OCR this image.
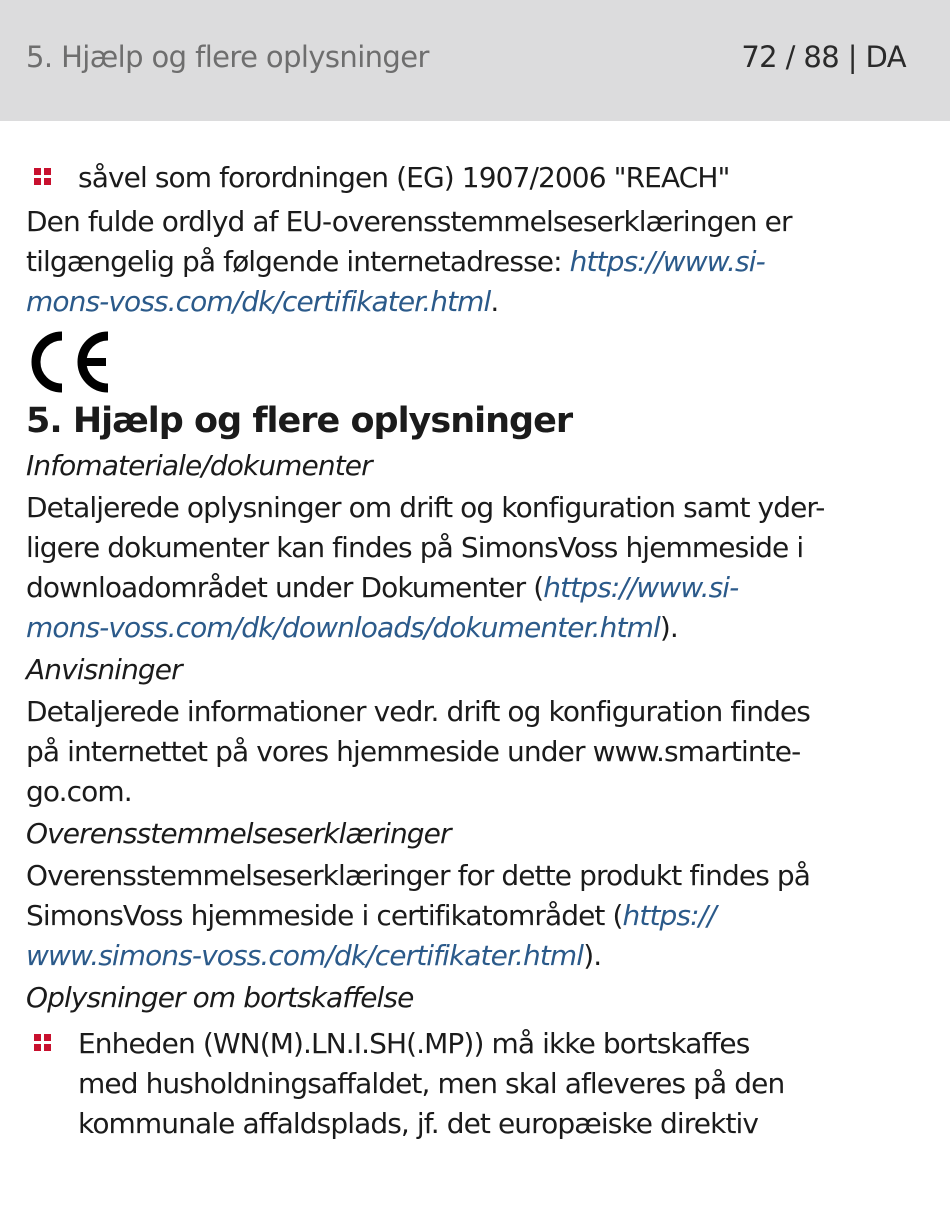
5. Hjælp og flere oplysninger	72 / 88 | DA
såvel som forordningen (EG) 1907/2006 "REACH"

Den fulde ordlyd af EU-overensstemmelseserklæringen er

tilgængelig på følgende internetadresse: https://www.si-

mons-voss.com/dk/certifikater.html.

5. Hjælp og flere oplysninger

Infomateriale/dokumenter

Detaljerede oplysninger om drift og konfiguration samt yder-

ligere dokumenter kan findes på SimonsVoss hjemmeside i

downloadområdet under Dokumenter (https://www.si-

mons-voss.com/dk/downloads/dokumenter.html).

Anvisninger

Detaljerede informationer vedr. drift og konfiguration findes

på internettet på vores hjemmeside under www.smartinte-

go.com.

Overensstemmelseserklæringer

Overensstemmelseserklæringer for dette produkt findes på

SimonsVoss hjemmeside i certifikatområdet (https://

www.simons-voss.com/dk/certifikater.html).

Oplysninger om bortskaffelse

Enheden (WN(M).LN.I.SH(.MP)) må ikke bortskaffes
med husholdningsaffaldet, men skal afleveres på den
kommunale affaldsplads, jf. det europæiske direktiv
